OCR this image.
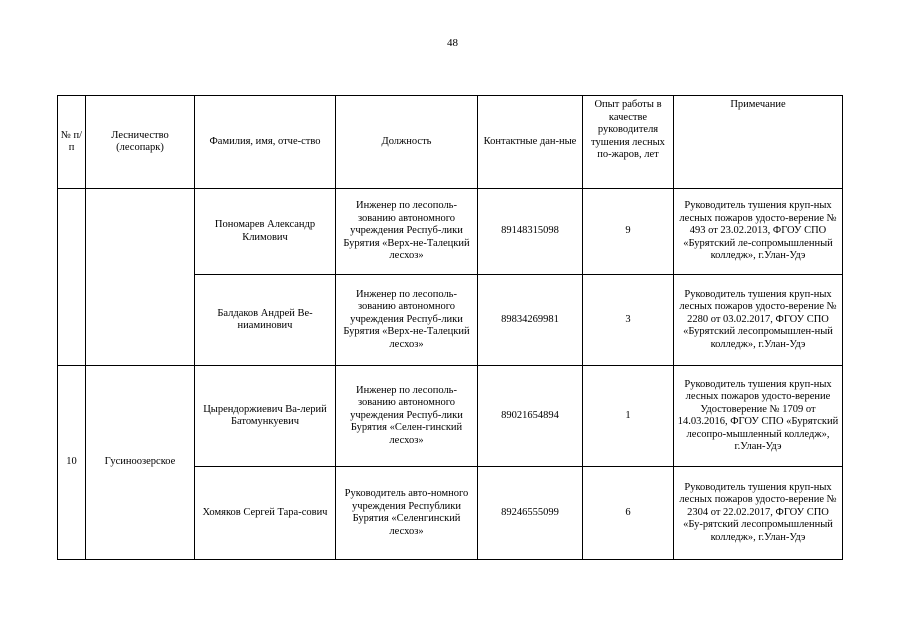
48
№ п/п	Лесничество (лесопарк)	Фамилия, имя, отче-ство	Должность	Контактные дан-ные	Опыт работы в качестве руководителя тушения лесных по-жаров, лет	Примечание
		Пономарев Александр Климович	Инженер по лесополь-зованию автономного учреждения Респуб-лики Бурятия «Верх-не-Талецкий лесхоз»	89148315098	9	Руководитель тушения круп-ных лесных пожаров удосто-верение № 493 от 23.02.2013, ФГОУ СПО «Бурятский ле-сопромышленный колледж», г.Улан-Удэ
		Балдаков Андрей Ве-ниаминович	Инженер по лесополь-зованию автономного учреждения Респуб-лики Бурятия «Верх-не-Талецкий лесхоз»	89834269981	3	Руководитель тушения круп-ных лесных пожаров удосто-верение № 2280 от 03.02.2017, ФГОУ СПО «Бурятский лесопромышлен-ный колледж», г.Улан-Удэ
10	Гусиноозерское	Цырендоржиевич Ва-лерий Батомункуевич	Инженер по лесополь-зованию автономного учреждения Респуб-лики Бурятия «Селен-гинский лесхоз»	89021654894	1	Руководитель тушения круп-ных лесных пожаров удосто-верение Удостоверение № 1709 от 14.03.2016, ФГОУ СПО «Бурятский лесопро-мышленный колледж», г.Улан-Удэ
		Хомяков Сергей Тара-сович	Руководитель авто-номного учреждения Республики Бурятия «Селенгинский лесхоз»	89246555099	6	Руководитель тушения круп-ных лесных пожаров удосто-верение № 2304 от 22.02.2017, ФГОУ СПО «Бу-рятский лесопромышленный колледж», г.Улан-Удэ
